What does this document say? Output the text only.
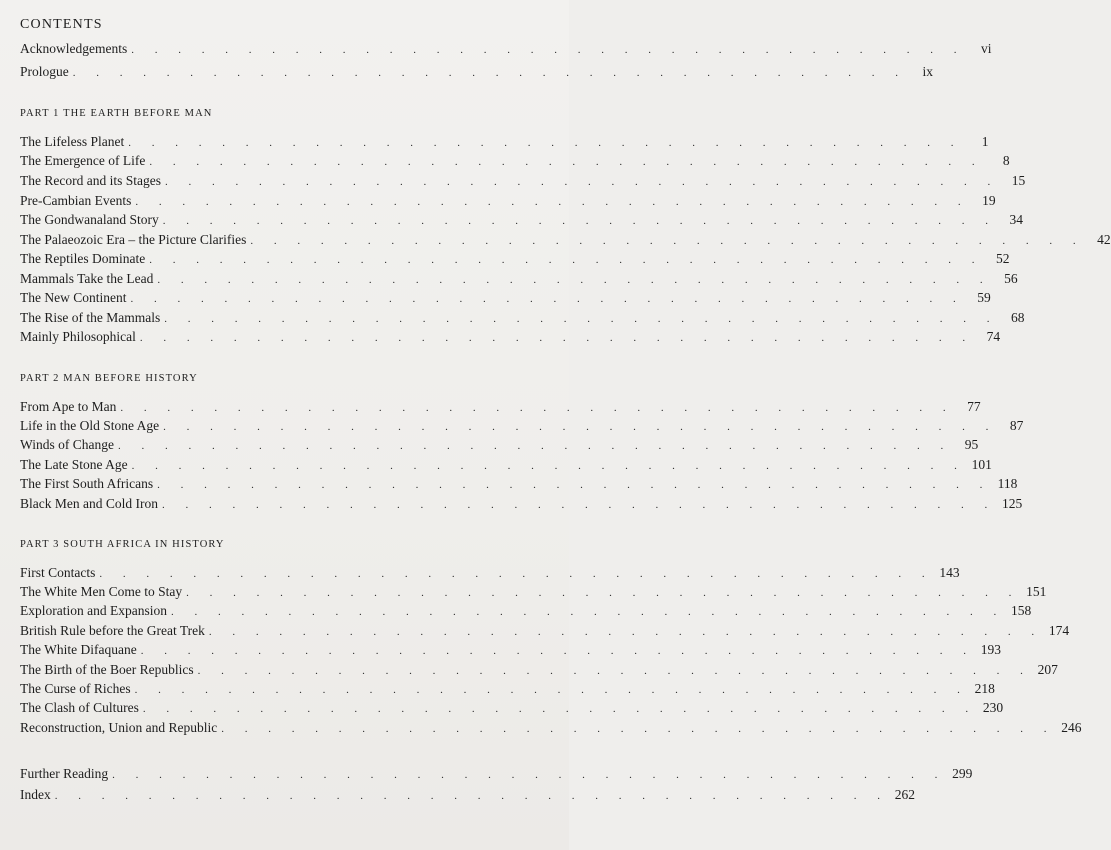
CONTENTS
Acknowledgements . . . . . . . . . . . . . . . . . . . . . . . . . . . . . . . . . . . .	vi
Prologue . . . . . . . . . . . . . . . . . . . . . . . . . . . . . . . . . . . .	ix
PART 1 THE EARTH BEFORE MAN
The Lifeless Planet . . . . . . . . . . . . . . . . . . . . . . . . . . . . . . . . . . . .	1
The Emergence of Life . . . . . . . . . . . . . . . . . . . . . . . . . . . . . . . . . . . .	8
The Record and its Stages . . . . . . . . . . . . . . . . . . . . . . . . . . . . . . . . . . . . 15
Pre-Cambian Events . . . . . . . . . . . . . . . . . . . . . . . . . . . . . . . . . . . . 19
The Gondwanaland Story . . . . . . . . . . . . . . . . . . . . . . . . . . . . . . . . . . . . 34
The Palaeozoic Era – the Picture Clarifies . . . . . . . . . . . . . . . . . . . . . . . . . . . . . . . . . . . . 42
The Reptiles Dominate . . . . . . . . . . . . . . . . . . . . . . . . . . . . . . . . . . . . 52
Mammals Take the Lead . . . . . . . . . . . . . . . . . . . . . . . . . . . . . . . . . . . . 56
The New Continent . . . . . . . . . . . . . . . . . . . . . . . . . . . . . . . . . . . . 59
The Rise of the Mammals . . . . . . . . . . . . . . . . . . . . . . . . . . . . . . . . . . . . 68
Mainly Philosophical . . . . . . . . . . . . . . . . . . . . . . . . . . . . . . . . . . . . 74
PART 2 MAN BEFORE HISTORY
From Ape to Man . . . . . . . . . . . . . . . . . . . . . . . . . . . . . . . . . . . . 77
Life in the Old Stone Age . . . . . . . . . . . . . . . . . . . . . . . . . . . . . . . . . . . . 87
Winds of Change . . . . . . . . . . . . . . . . . . . . . . . . . . . . . . . . . . . . 95
The Late Stone Age . . . . . . . . . . . . . . . . . . . . . . . . . . . . . . . . . . . . 101
The First South Africans . . . . . . . . . . . . . . . . . . . . . . . . . . . . . . . . . . . . 118
Black Men and Cold Iron . . . . . . . . . . . . . . . . . . . . . . . . . . . . . . . . . . . . 125
PART 3 SOUTH AFRICA IN HISTORY
First Contacts . . . . . . . . . . . . . . . . . . . . . . . . . . . . . . . . . . . . 143
The White Men Come to Stay . . . . . . . . . . . . . . . . . . . . . . . . . . . . . . . . . . . . 151
Exploration and Expansion . . . . . . . . . . . . . . . . . . . . . . . . . . . . . . . . . . . . 158
British Rule before the Great Trek . . . . . . . . . . . . . . . . . . . . . . . . . . . . . . . . . . . . 174
The White Difaquane . . . . . . . . . . . . . . . . . . . . . . . . . . . . . . . . . . . . 193
The Birth of the Boer Republics . . . . . . . . . . . . . . . . . . . . . . . . . . . . . . . . . . . . 207
The Curse of Riches . . . . . . . . . . . . . . . . . . . . . . . . . . . . . . . . . . . . 218
The Clash of Cultures . . . . . . . . . . . . . . . . . . . . . . . . . . . . . . . . . . . . 230
Reconstruction, Union and Republic . . . . . . . . . . . . . . . . . . . . . . . . . . . . . . . . . . . . 246
Further Reading . . . . . . . . . . . . . . . . . . . . . . . . . . . . . . . . . . . . 299
Index . . . . . . . . . . . . . . . . . . . . . . . . . . . . . . . . . . . . 262
